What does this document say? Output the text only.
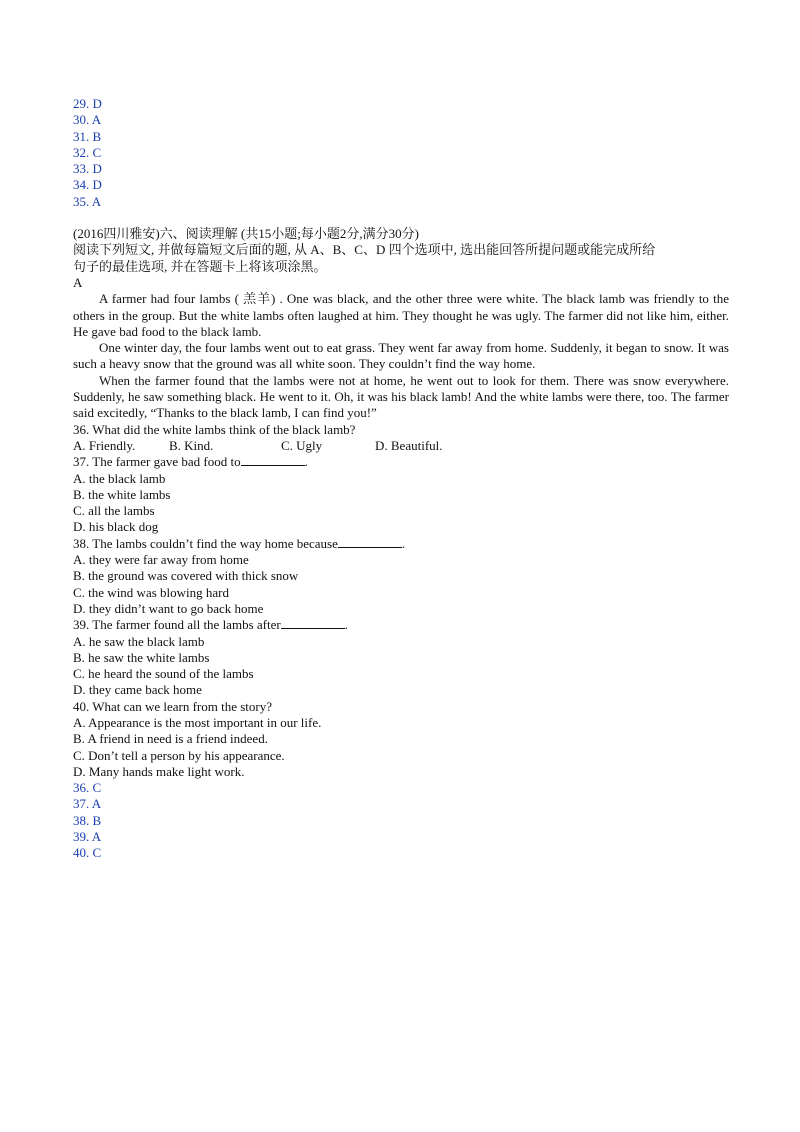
29. D
30. A
31. B
32. C
33. D
34. D
35. A
(2016四川雅安)六、阅读理解 (共15小题;每小题2分,满分30分)
阅读下列短文, 并做每篇短文后面的题, 从 A、B、C、D 四个选项中, 选出能回答所提问题或能完成所给
句子的最佳选项, 并在答题卡上将该项涂黑。
A
A farmer had four lambs ( 羔羊) . One was black, and the other three were white. The black lamb was friendly to the others in the group. But the white lambs often laughed at him. They thought he was ugly. The farmer did not like him, either. He gave bad food to the black lamb.
One winter day, the four lambs went out to eat grass. They went far away from home. Suddenly, it began to snow. It was such a heavy snow that the ground was all white soon. They couldn’t find the way home.
When the farmer found that the lambs were not at home, he went out to look for them. There was snow everywhere. Suddenly, he saw something black. He went to it. Oh, it was his black lamb! And the white lambs were there, too. The farmer said excitedly, “Thanks to the black lamb, I can find you!”
36. What did the white lambs think of the black lamb?
A. Friendly.	B. Kind.	C. Ugly	D. Beautiful.
37. The farmer gave bad food to	.
A. the black lamb
B. the white lambs
C. all the lambs
D. his black dog
38. The lambs couldn’t find the way home because	.
A. they were far away from home
B. the ground was covered with thick snow
C. the wind was blowing hard
D. they didn’t want to go back home
39. The farmer found all the lambs after	.
A. he saw the black lamb
B. he saw the white lambs
C. he heard the sound of the lambs
D. they came back home
40. What can we learn from the story?
A. Appearance is the most important in our life.
B. A friend in need is a friend indeed.
C. Don’t tell a person by his appearance.
D. Many hands make light work.
36. C
37. A
38. B
39. A
40. C
